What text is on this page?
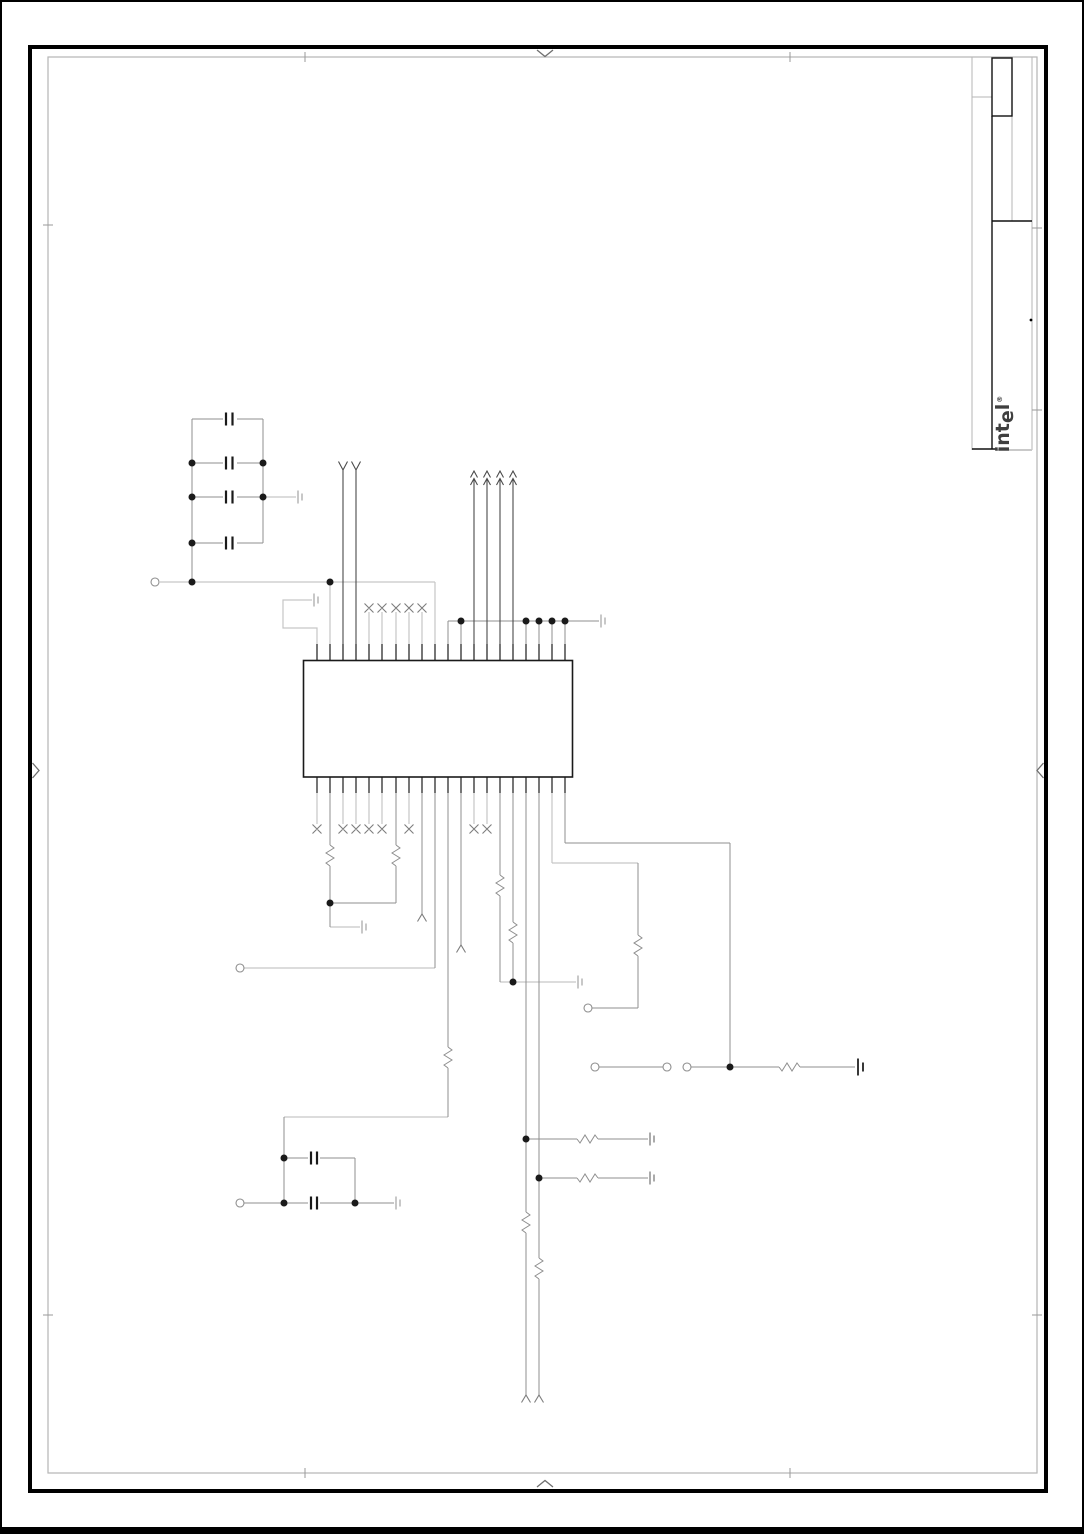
intel®
